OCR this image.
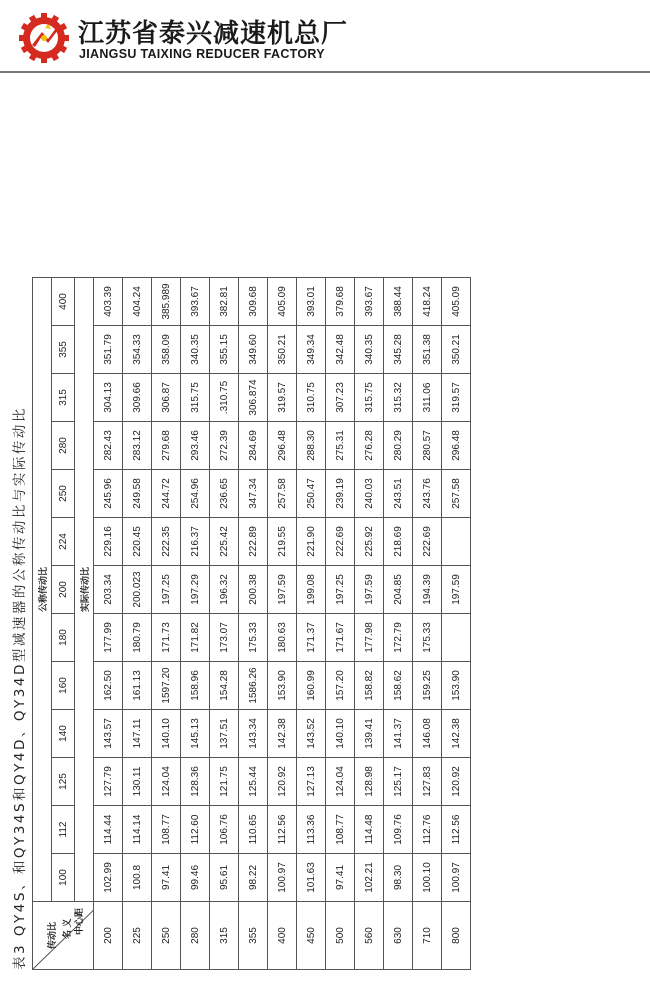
江苏省泰兴减速机总厂
JIANGSU TAIXING REDUCER FACTORY
表3 QY4S、和QY34S和QY4D、QY34D型减速器的公称传动比与实际传动比	传动比 名 义 中心距	公称传动比												
	100	112	125	140	160	180	200	224	250	280	315	355	400
	实际传动比												
200	102.99	114.44	127.79	143.57	162.50	177.99	203.34	229.16	245.96	282.43	304.13	351.79	403.39
225	100.8	114.14	130.11	147.11	161.13	180.79	200.023	220.45	249.58	283.12	309.66	354.33	404.24
250	97.41	108.77	124.04	140.10	1597.20	171.73	197.25	222.35	244.72	279.68	306.87	358.09	385.989
280	99.46	112.60	128.36	145.13	158.96	171.82	197.29	216.37	254.96	293.46	315.75	340.35	393.67
315	95.61	106.76	121.75	137.51	154.28	173.07	196.32	225.42	236.65	272.39	.310.75	355.15	382.81
355	98.22	110.65	125.44	143.34	1586.26	175.33	200.38	222.89	347.34	284.69	306.874	349.60	309.68
400	100.97	112.56	120.92	142.38	153.90	180.63	197.59	219.55	257.58	296.48	319.57	350.21	405.09
450	101.63	113.36	127.13	143.52	160.99	171.37	199.08	221.90	250.47	288.30	310.75	349.34	393.01
500	97.41	108.77	124.04	140.10	157.20	171.67	197.25	222.69	239.19	275.31	307.23	342.48	379.68
560	102.21	114.48	128.98	139.41	158.82	177.98	197.59	225.92	240.03	276.28	315.75	340.35	393.67
630	98.30	109.76	125.17	141.37	158.62	172.79	204.85	218.69	243.51	280.29	315.32	345.28	388.44
710	100.10	112.76	127.83	146.08	159.25	175.33	194.39	222.69	243.76	280.57	311.06	351.38	418.24
800	100.97	112.56	120.92	142.38	153.90		197.59		257.58	296.48	319.57	350.21	405.09
